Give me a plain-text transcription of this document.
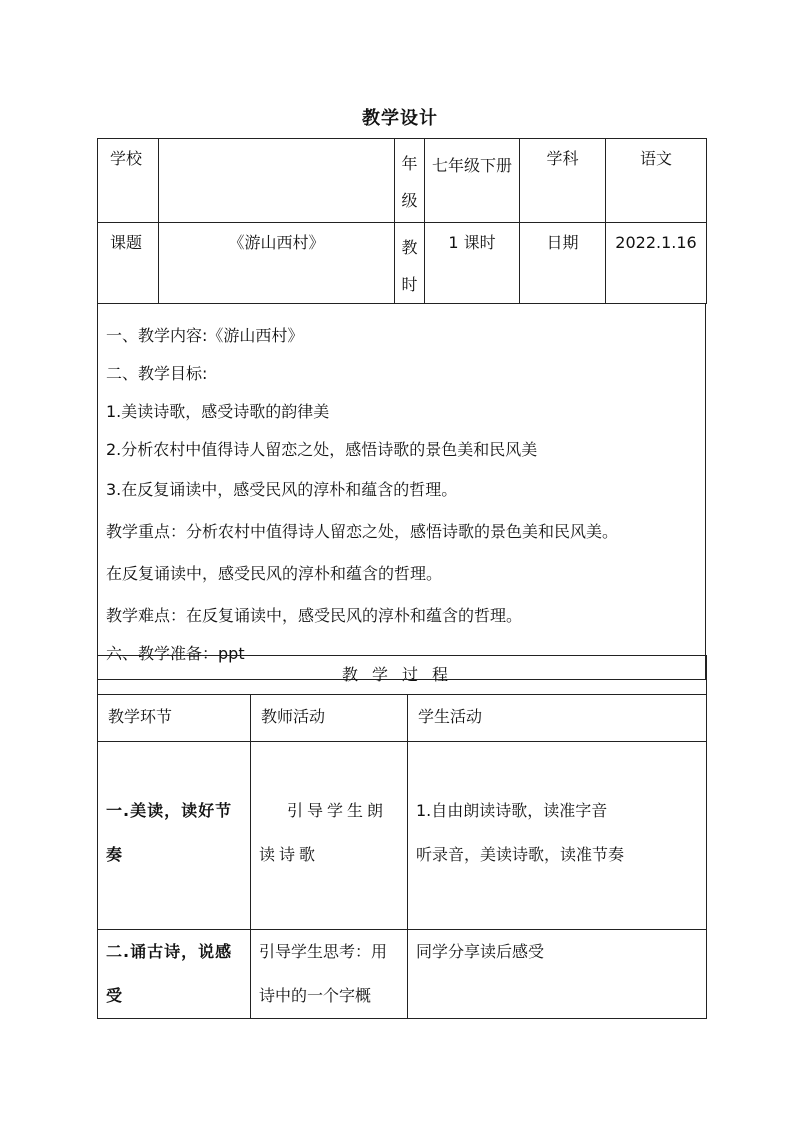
教学设计
学校		年级	七年级下册	学科	语文
课题	《游山西村》	教时	1 课时	日期	2022.1.16
一、教学内容:《游山西村》
二、教学目标:
1.美读诗歌，感受诗歌的韵律美
2.分析农村中值得诗人留恋之处，感悟诗歌的景色美和民风美
3.在反复诵读中，感受民风的淳朴和蕴含的哲理。
教学重点：分析农村中值得诗人留恋之处，感悟诗歌的景色美和民风美。
在反复诵读中，感受民风的淳朴和蕴含的哲理。
教学难点：在反复诵读中，感受民风的淳朴和蕴含的哲理。
六、教学准备：ppt
教学过程		
教学环节	教师活动	学生活动

一.美读，读好节奏	引导学生朗读诗歌	1.自由朗读诗歌，读准字音
听录音，美读诗歌，读准节奏

二.诵古诗，说感受	引导学生思考：用诗中的一个字概	同学分享读后感受
